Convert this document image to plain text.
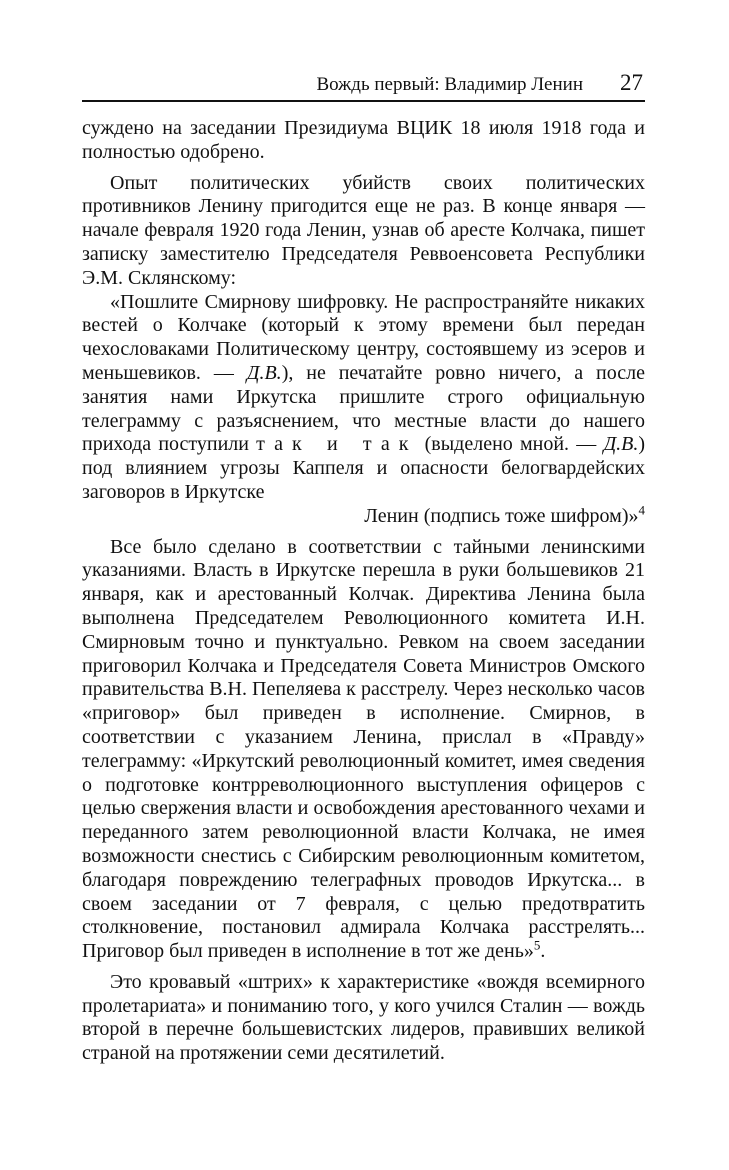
Вождь первый: Владимир Ленин 27

суждено на заседании Президиума ВЦИК 18 июля 1918 года и полностью одобрено.

Опыт политических убийств своих политических противников Ленину пригодится еще не раз. В конце января — начале февраля 1920 года Ленин, узнав об аресте Колчака, пишет записку заместителю Председателя Реввоенсовета Республики Э.М. Склянскому:

«Пошлите Смирнову шифровку. Не распространяйте никаких вестей о Колчаке (который к этому времени был передан чехословаками Политическому центру, состоявшему из эсеров и меньшевиков. — Д.В.), не печатайте ровно ничего, а после занятия нами Иркутска пришлите строго официальную телеграмму с разъяснением, что местные власти до нашего прихода поступили так и так (выделено мной. — Д.В.) под влиянием угрозы Каппеля и опасности белогвардейских заговоров в Иркутске

Ленин (подпись тоже шифром)»$^4$

Все было сделано в соответствии с тайными ленинскими указаниями. Власть в Иркутске перешла в руки большевиков 21 января, как и арестованный Колчак. Директива Ленина была выполнена Председателем Революционного комитета И.Н. Смирновым точно и пунктуально. Ревком на своем заседании приговорил Колчака и Председателя Совета Министров Омского правительства В.Н. Пепеляева к расстрелу. Через несколько часов «приговор» был приведен в исполнение. Смирнов, в соответствии с указанием Ленина, прислал в «Правду» телеграмму: «Иркутский революционный комитет, имея сведения о подготовке контрреволюционного выступления офицеров с целью свержения власти и освобождения арестованного чехами и переданного затем революционной власти Колчака, не имея возможности снестись с Сибирским революционным комитетом, благодаря повреждению телеграфных проводов Иркутска... в своем заседании от 7 февраля, с целью предотвратить столкновение, постановил адмирала Колчака расстрелять... Приговор был приведен в исполнение в тот же день»$^5$.

Это кровавый «штрих» к характеристике «вождя всемирного пролетариата» и пониманию того, у кого учился Сталин — вождь второй в перечне большевистских лидеров, правивших великой страной на протяжении семи десятилетий.
